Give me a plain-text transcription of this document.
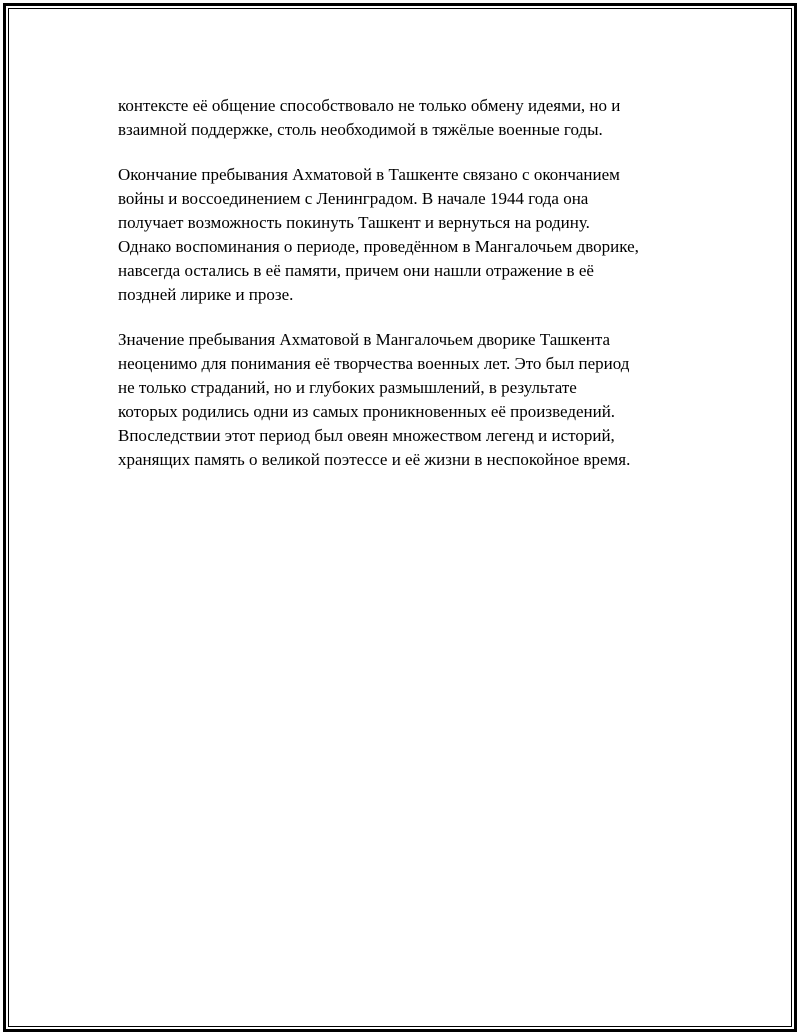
контексте её общение способствовало не только обмену идеями, но и
взаимной поддержке, столь необходимой в тяжёлые военные годы.

Окончание пребывания Ахматовой в Ташкенте связано с окончанием
войны и воссоединением с Ленинградом. В начале 1944 года она
получает возможность покинуть Ташкент и вернуться на родину.
Однако воспоминания о периоде, проведённом в Мангалочьем дворике,
навсегда остались в её памяти, причем они нашли отражение в её
поздней лирике и прозе.

Значение пребывания Ахматовой в Мангалочьем дворике Ташкента
неоценимо для понимания её творчества военных лет. Это был период
не только страданий, но и глубоких размышлений, в результате
которых родились одни из самых проникновенных её произведений.
Впоследствии этот период был овеян множеством легенд и историй,
хранящих память о великой поэтессе и её жизни в неспокойное время.
